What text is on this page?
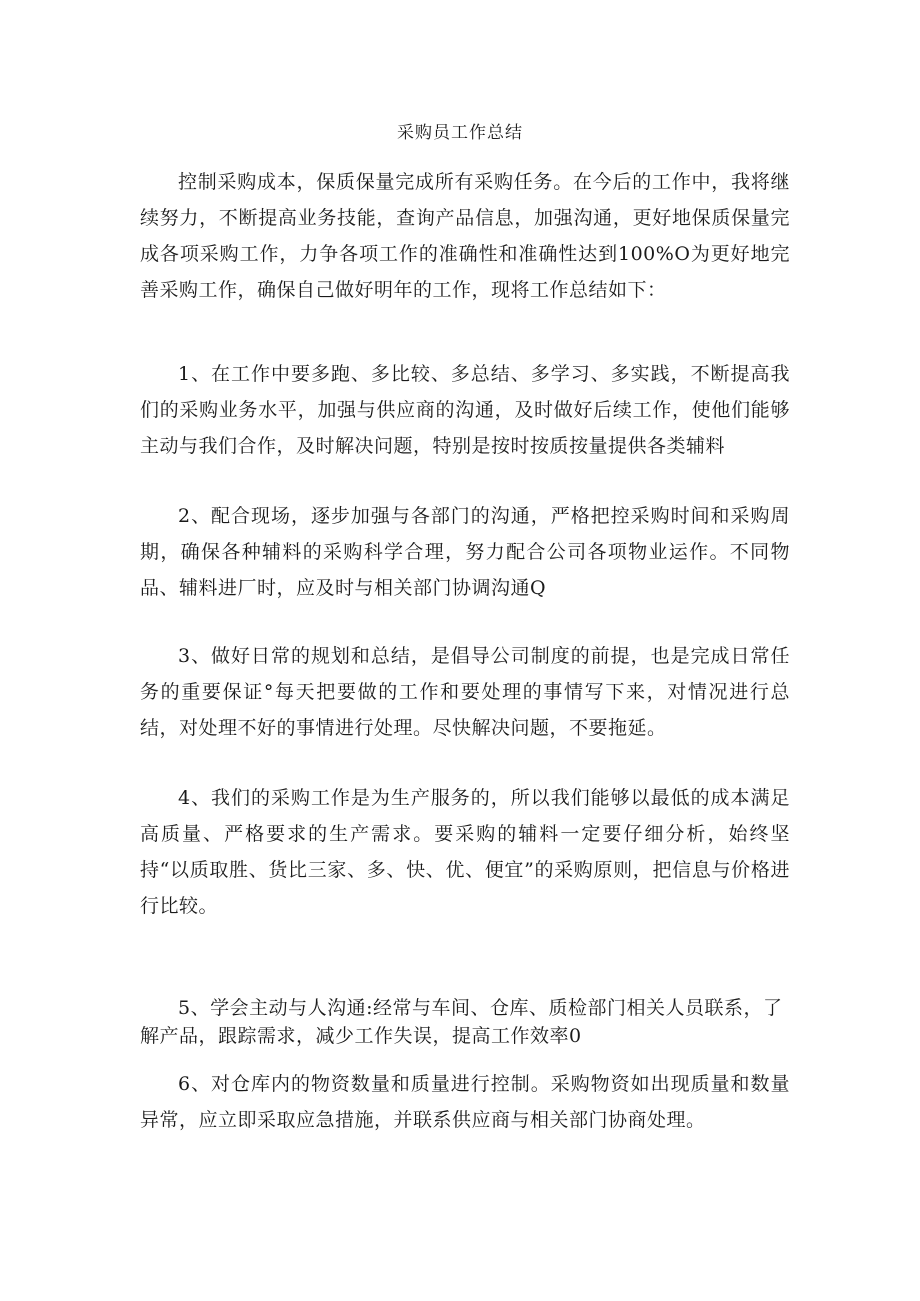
采购员工作总结

控制采购成本，保质保量完成所有采购任务。在今后的工作中，我将继续努力，不断提高业务技能，查询产品信息，加强沟通，更好地保质保量完成各项采购工作，力争各项工作的准确性和准确性达到100%O为更好地完善采购工作，确保自己做好明年的工作，现将工作总结如下：

1、在工作中要多跑、多比较、多总结、多学习、多实践，不断提高我们的采购业务水平，加强与供应商的沟通，及时做好后续工作，使他们能够主动与我们合作，及时解决问题，特别是按时按质按量提供各类辅料

2、配合现场，逐步加强与各部门的沟通，严格把控采购时间和采购周期，确保各种辅料的采购科学合理，努力配合公司各项物业运作。不同物品、辅料进厂时，应及时与相关部门协调沟通Q

3、做好日常的规划和总结，是倡导公司制度的前提，也是完成日常任务的重要保证°每天把要做的工作和要处理的事情写下来，对情况进行总结，对处理不好的事情进行处理。尽快解决问题，不要拖延。

4、我们的采购工作是为生产服务的，所以我们能够以最低的成本满足高质量、严格要求的生产需求。要采购的辅料一定要仔细分析，始终坚持“以质取胜、货比三家、多、快、优、便宜”的采购原则，把信息与价格进行比较。

5、学会主动与人沟通:经常与车间、仓库、质检部门相关人员联系，了解产品，跟踪需求，减少工作失误，提高工作效率0

6、对仓库内的物资数量和质量进行控制。采购物资如出现质量和数量异常，应立即采取应急措施，并联系供应商与相关部门协商处理。
